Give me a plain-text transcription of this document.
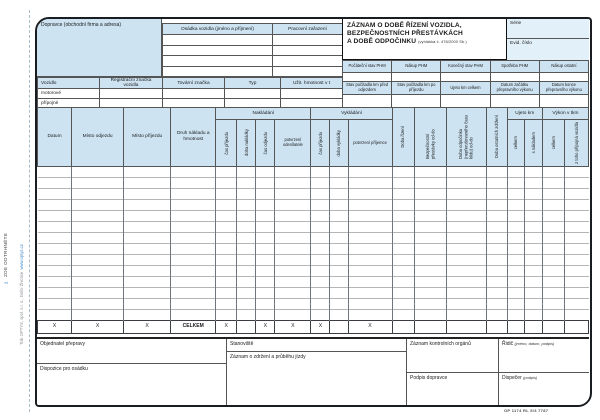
✂ ZDE ODTRHNĚTE
Tisk OPTYS, spol. s r. o., Dolní Životice  www.optys.cz
Dopravce (obchodní firma a adresa)
Osádka vozidla (jméno a příjmení)	Pracovní zařazení

ZÁZNAM O DOBĚ ŘÍZENÍ VOZIDLA,
BEZPEČNOSTNÍCH PŘESTÁVKÁCH
A DOBĚ ODPOČINKU (vyhláška č. 478/2000 Sb.)
Série
Evid. číslo
Vozidlo	Registrační značka vozidla	Tovární značka	Typ	Užit. hmotnost v t
motorové				
přípojné				
Počáteční stav PHM	Nákup PHM	Konečný stav PHM	Spotřeba PHM	Nákup ostatní

Stav počítadla km před odjezdem	Stav počítadla km po příjezdu	Ujeto km celkem	Datum začátku přepravního výkonu	Datum konce přepravního výkonu

Datum	Místo odjezdu	Místo příjezdu	Druh nákladu a hmotnost	Nakládání				Vykládání			Doba řízení	Bezpečnostní přestávky od-do	Doba odpočinku (nepřerušovaného času klidu) od-do	Doba ostatních zdržení	Ujeto km		Výkon v tkm	

				čas příjezdu	doba nakládky	čas odjezdu	potvrzení odesílatele	čas příjezdu	doba vykládky	potvrzení příjemce					celkem	s nákladem	celkem	z toho přípojná vozidla

X	X	X	CELKEM	X		X	X	X		X								
Objednatel přepravy
Dispozice pro osádku
Stanoviště
Záznam o zdržení a průběhu jízdy
Záznam kontrolních orgánů	Řidič (jméno, datum, podpis)
Podpis dopravce	Dispečer (podpis)
OP 1174 RL 5/3 7787
